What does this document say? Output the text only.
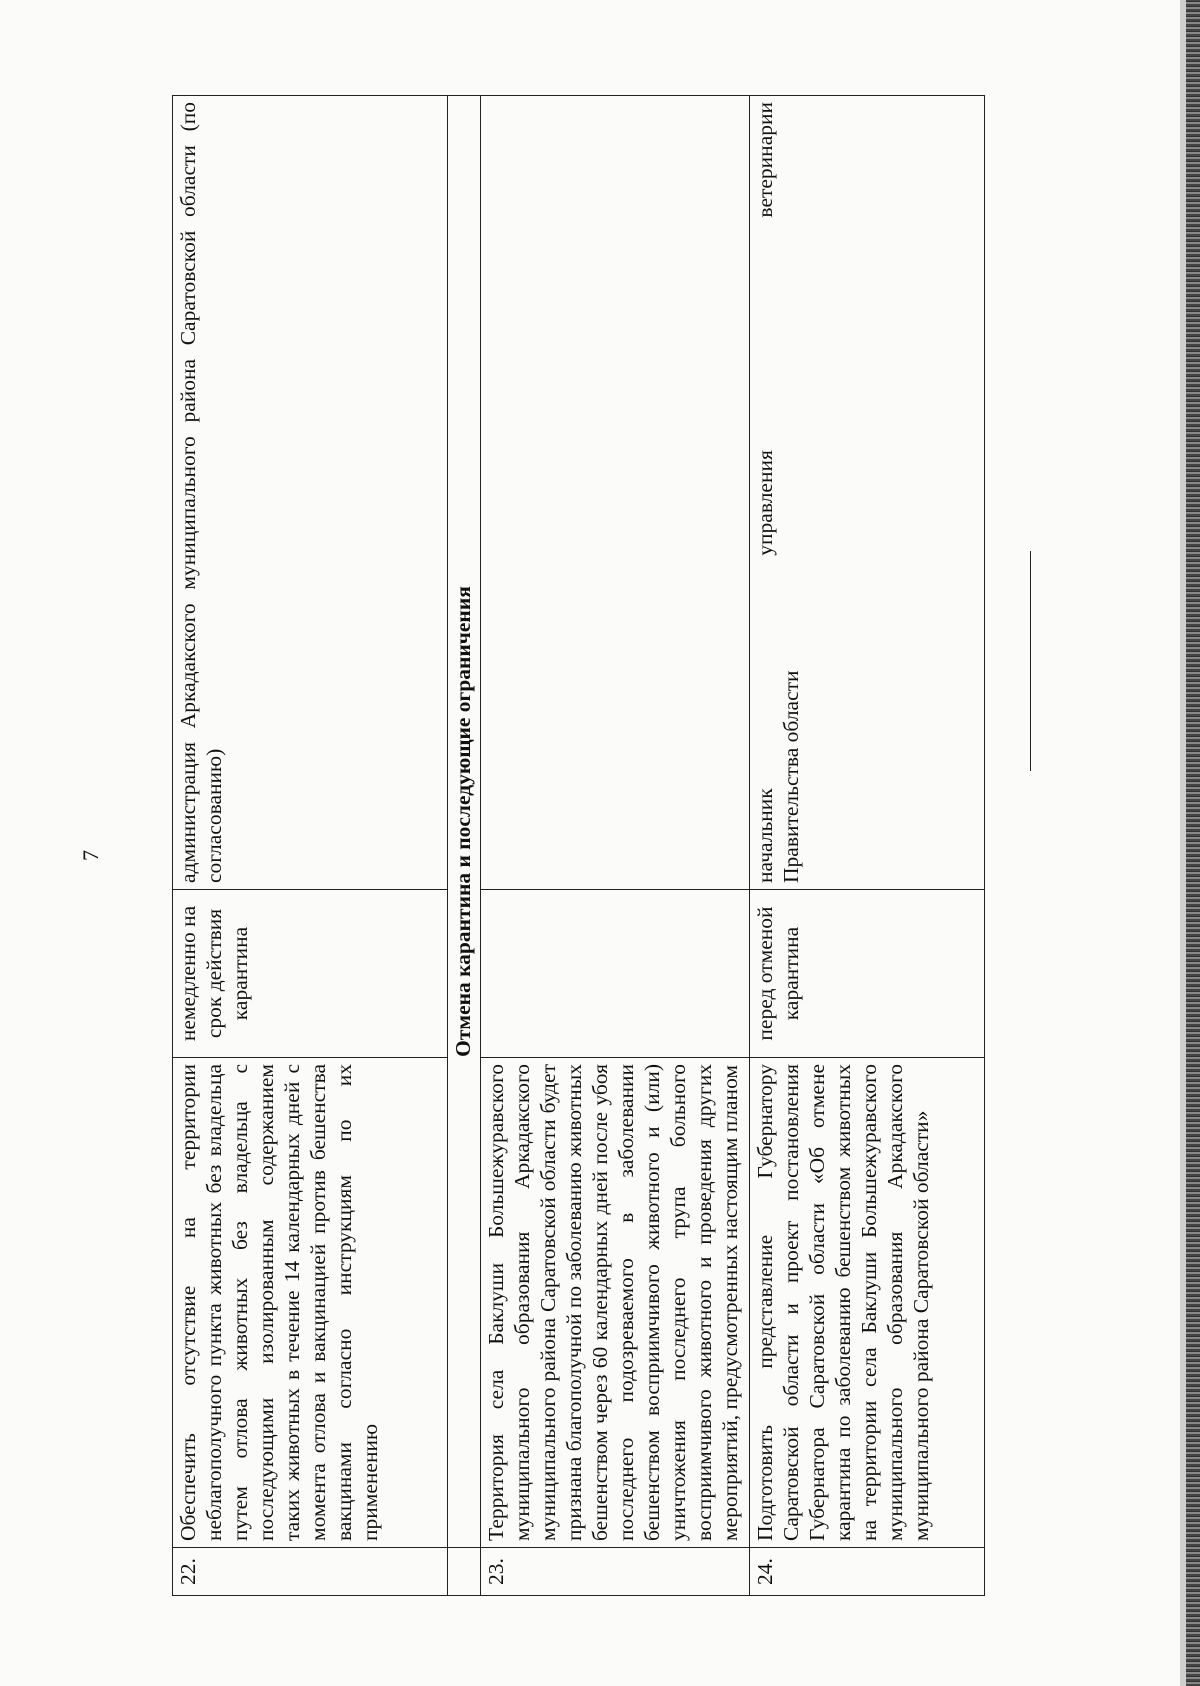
7
22.	Обеспечить отсутствие на территории неблагополучного пункта животных без владельца путем отлова животных без владельца с последующими изолированным содержанием таких животных в течение 14 календарных дней с момента отлова и вакцинацией против бешенства вакцинами согласно инструкциям по их применению	немедленно на срок действия карантина	администрация Аркадакского муниципального района Саратовской области (по согласованию)
	Отмена карантина и последующие ограничения		
23.	Территория села Баклуши Большежуравского муниципального образования Аркадакского муниципального района Саратовской области будет признана благополучной по заболеванию животных бешенством через 60 календарных дней после убоя последнего подозреваемого в заболевании бешенством восприимчивого животного и (или) уничтожения последнего трупа больного восприимчивого животного и проведения других мероприятий, предусмотренных настоящим планом		
24.	Подготовить представление Губернатору Саратовской области и проект постановления Губернатора Саратовской области «Об отмене карантина по заболеванию бешенством животных на территории села Баклуши Большежуравского муниципального образования Аркадакского муниципального района Саратовской области»	перед отменой карантина	начальник управления ветеринарии Правительства области
